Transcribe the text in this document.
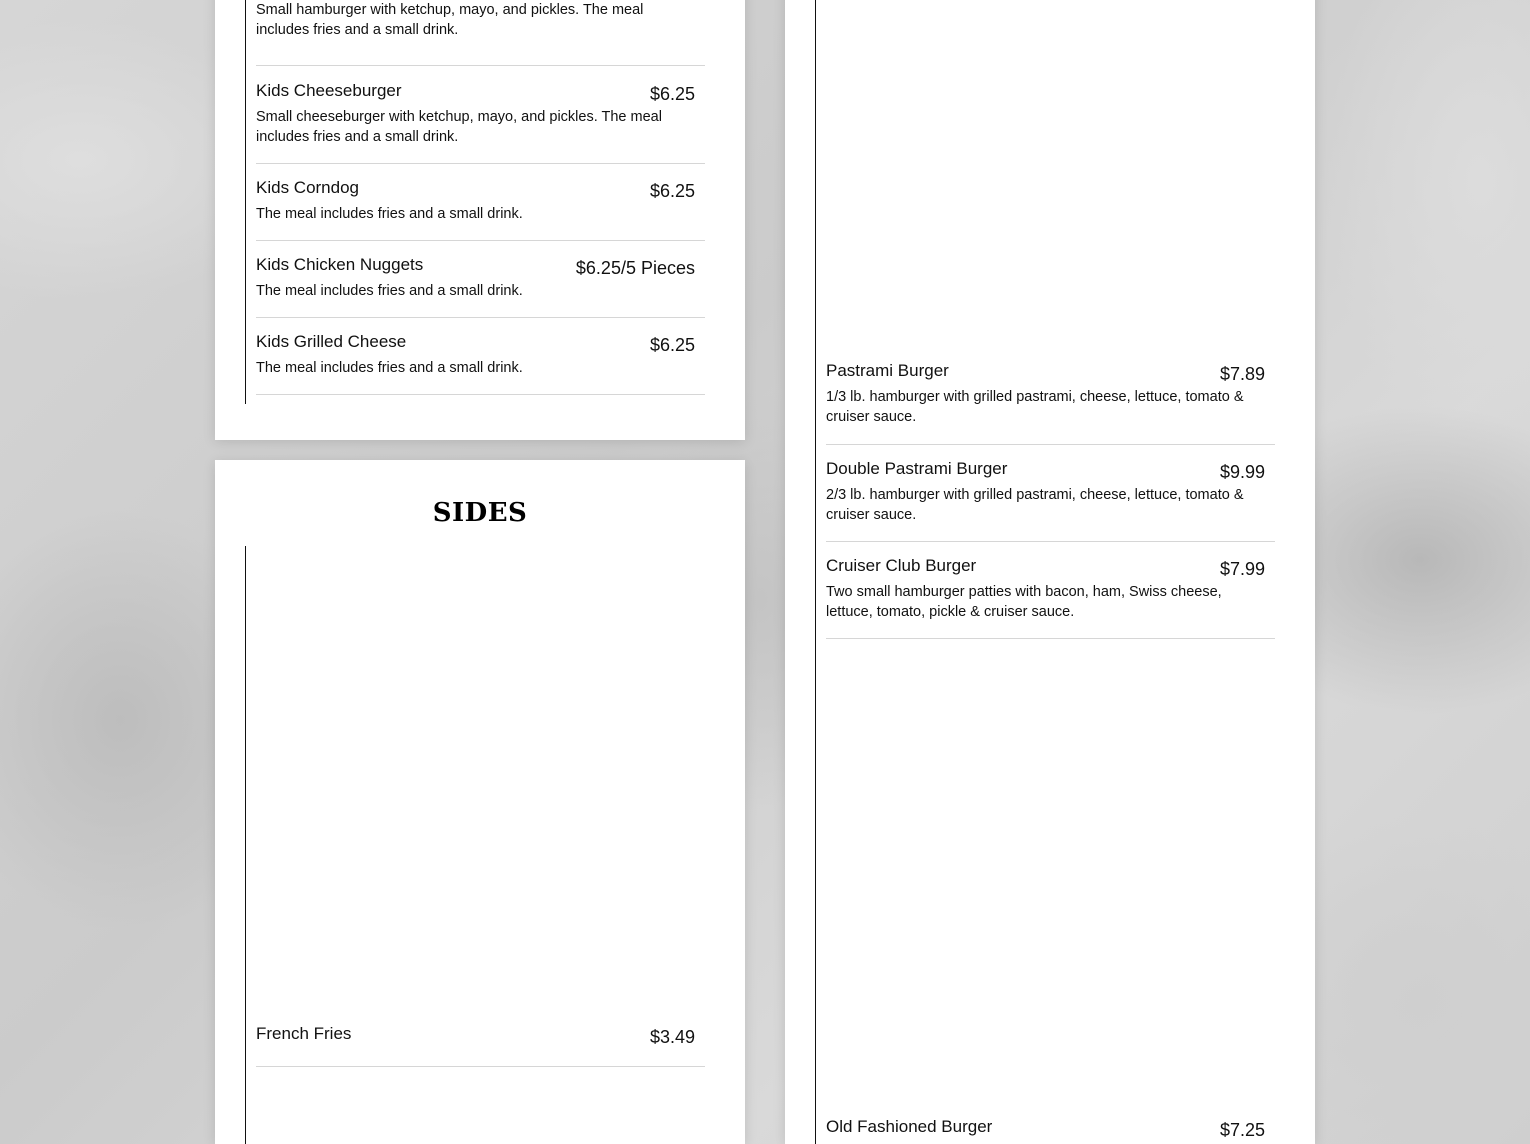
Small hamburger with ketchup, mayo, and pickles. The meal includes fries and a small drink.
Kids Cheeseburger	$6.25
Small cheeseburger with ketchup, mayo, and pickles. The meal includes fries and a small drink.
Kids Corndog	$6.25
The meal includes fries and a small drink.
Kids Chicken Nuggets	$6.25/5 Pieces
The meal includes fries and a small drink.
Kids Grilled Cheese	$6.25
The meal includes fries and a small drink.
SIDES
French Fries	$3.49
Pastrami Burger	$7.89
1/3 lb. hamburger with grilled pastrami, cheese, lettuce, tomato & cruiser sauce.
Double Pastrami Burger	$9.99
2/3 lb. hamburger with grilled pastrami, cheese, lettuce, tomato & cruiser sauce.
Cruiser Club Burger	$7.99
Two small hamburger patties with bacon, ham, Swiss cheese, lettuce, tomato, pickle & cruiser sauce.
Old Fashioned Burger	$7.25
